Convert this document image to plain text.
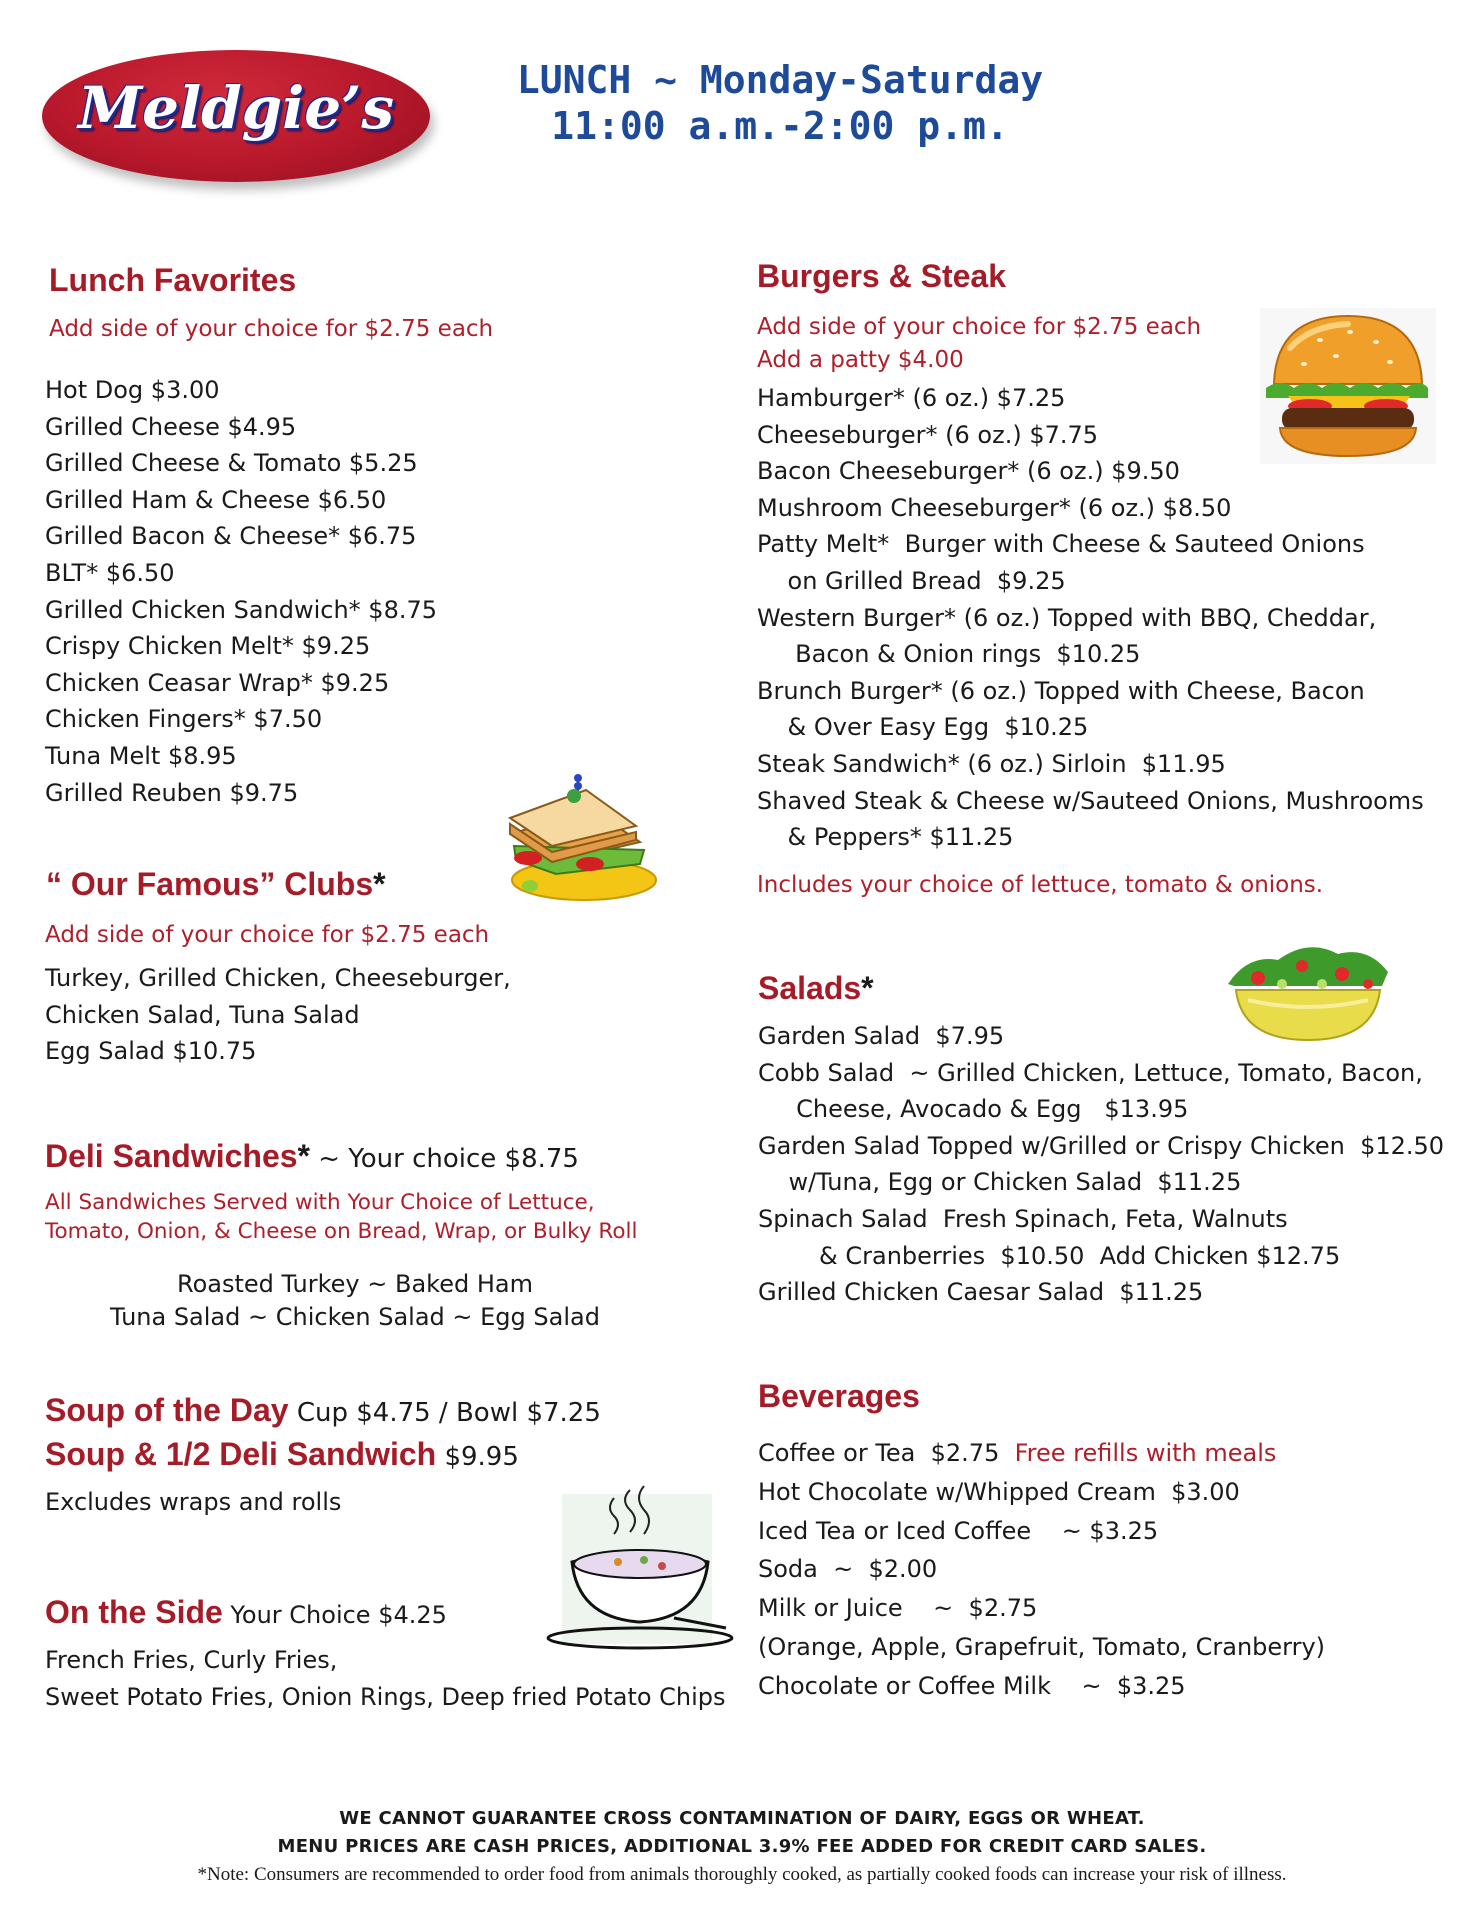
Meldgie’s	LUNCH ~ Monday-Saturday
11:00 a.m.-2:00 p.m.
Lunch Favorites
Add side of your choice for $2.75 each
Hot Dog $3.00
Grilled Cheese $4.95
Grilled Cheese & Tomato $5.25
Grilled Ham & Cheese $6.50
Grilled Bacon & Cheese* $6.75
BLT* $6.50
Grilled Chicken Sandwich* $8.75
Crispy Chicken Melt* $9.25
Chicken Ceasar Wrap* $9.25
Chicken Fingers* $7.50
Tuna Melt $8.95
Grilled Reuben $9.75
“ Our Famous” Clubs*
Add side of your choice for $2.75 each
Turkey, Grilled Chicken, Cheeseburger,
Chicken Salad, Tuna Salad
Egg Salad $10.75
Deli Sandwiches* ~ Your choice $8.75
All Sandwiches Served with Your Choice of Lettuce,
Tomato, Onion, & Cheese on Bread, Wrap, or Bulky Roll
Roasted Turkey ~ Baked Ham
Tuna Salad ~ Chicken Salad ~ Egg Salad
Soup of the Day Cup $4.75 / Bowl $7.25
Soup & 1/2 Deli Sandwich $9.95
Excludes wraps and rolls
On the Side Your Choice $4.25
French Fries, Curly Fries,
Sweet Potato Fries, Onion Rings, Deep fried Potato Chips
Burgers & Steak
Add side of your choice for $2.75 each
Add a patty $4.00
Hamburger* (6 oz.) $7.25
Cheeseburger* (6 oz.) $7.75
Bacon Cheeseburger* (6 oz.) $9.50
Mushroom Cheeseburger* (6 oz.) $8.50
Patty Melt*  Burger with Cheese & Sauteed Onions
on Grilled Bread  $9.25
Western Burger* (6 oz.) Topped with BBQ, Cheddar,
Bacon & Onion rings  $10.25
Brunch Burger* (6 oz.) Topped with Cheese, Bacon
& Over Easy Egg  $10.25
Steak Sandwich* (6 oz.) Sirloin  $11.95
Shaved Steak & Cheese w/Sauteed Onions, Mushrooms
& Peppers* $11.25
Includes your choice of lettuce, tomato & onions.
Salads*
Garden Salad  $7.95
Cobb Salad  ~ Grilled Chicken, Lettuce, Tomato, Bacon,
Cheese, Avocado & Egg   $13.95
Garden Salad Topped w/Grilled or Crispy Chicken  $12.50
w/Tuna, Egg or Chicken Salad  $11.25
Spinach Salad  Fresh Spinach, Feta, Walnuts
& Cranberries  $10.50  Add Chicken $12.75
Grilled Chicken Caesar Salad  $11.25
Beverages
Coffee or Tea  $2.75  Free refills with meals
Hot Chocolate w/Whipped Cream  $3.00
Iced Tea or Iced Coffee    ~ $3.25
Soda  ~  $2.00
Milk or Juice    ~  $2.75
(Orange, Apple, Grapefruit, Tomato, Cranberry)
Chocolate or Coffee Milk    ~  $3.25
WE CANNOT GUARANTEE CROSS CONTAMINATION OF DAIRY, EGGS OR WHEAT.
MENU PRICES ARE CASH PRICES, ADDITIONAL 3.9% FEE ADDED FOR CREDIT CARD SALES.
*Note: Consumers are recommended to order food from animals thoroughly cooked, as partially cooked foods can increase your risk of illness.
